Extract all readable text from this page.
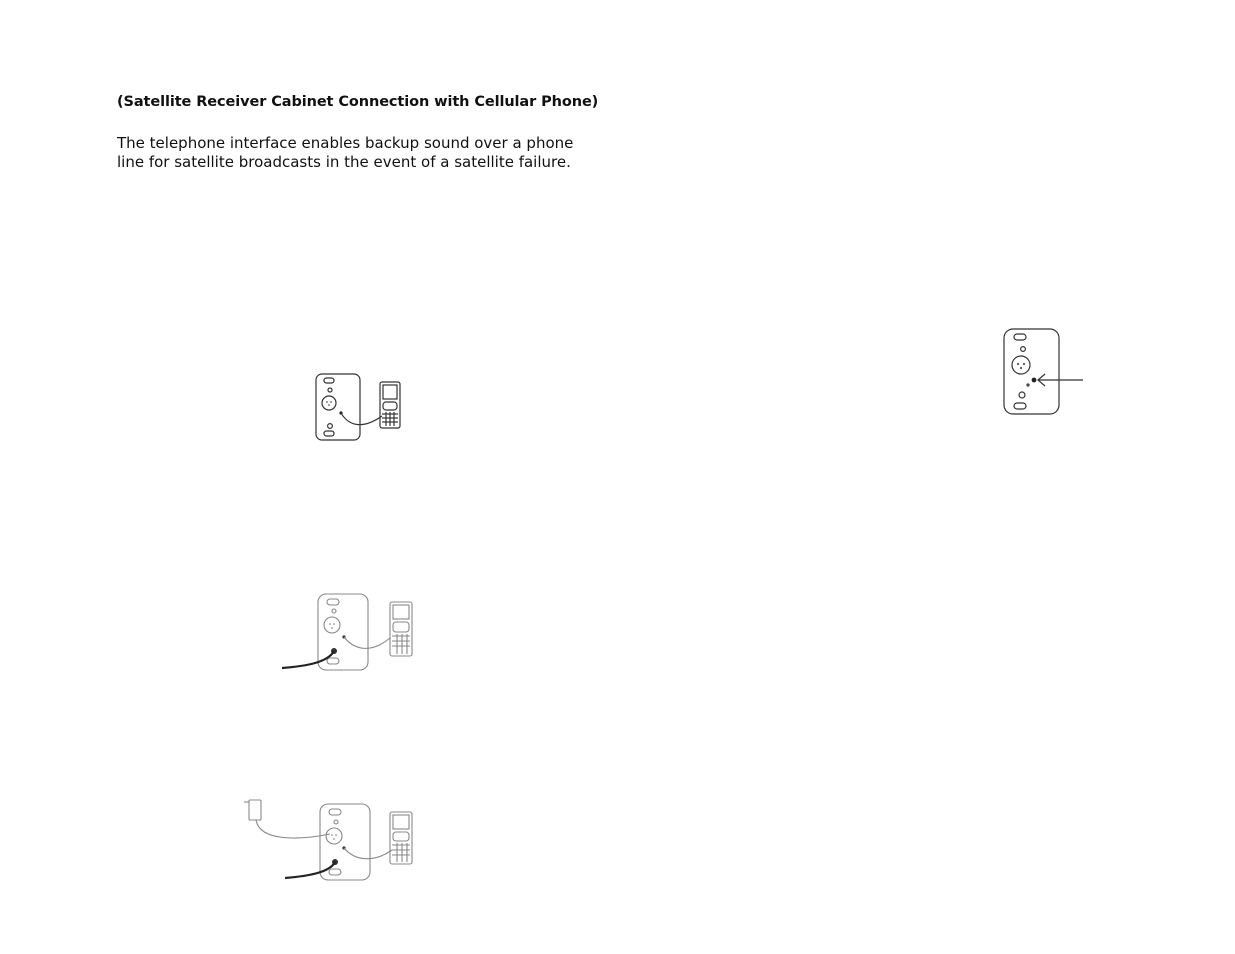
(Satellite Receiver Cabinet Connection with Cellular Phone)
The telephone interface enables backup sound over a phone
line for satellite broadcasts in the event of a satellite failure.
